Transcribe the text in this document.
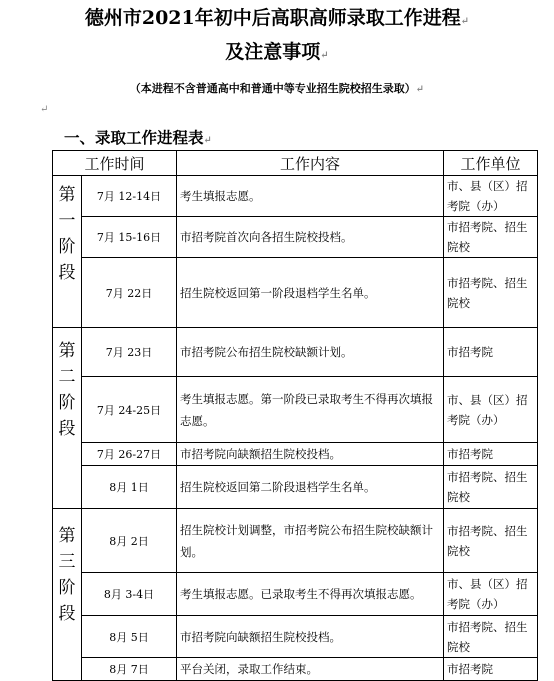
德州市2021年初中后高职高师录取工作进程↵
及注意事项↵
（本进程不含普通高中和普通中等专业招生院校招生录取）↵
↵
一、录取工作进程表↵
工作时间		工作内容	工作单位

第
一
阶
段	7月 12-14日	考生填报志愿。	市、县（区）招考院（办）
	7月 15-16日	市招考院首次向各招生院校投档。	市招考院、招生院校
	7月 22日	招生院校返回第一阶段退档学生名单。	市招考院、招生院校

第
二
阶
段	7月 23日	市招考院公布招生院校缺额计划。	市招考院
	7月 24-25日	考生填报志愿。第一阶段已录取考生不得再次填报志愿。	市、县（区）招考院（办）
	7月 26-27日	市招考院向缺额招生院校投档。	市招考院
	8月 1日	招生院校返回第二阶段退档学生名单。	市招考院、招生院校

第
三
阶
段	8月 2日	招生院校计划调整，市招考院公布招生院校缺额计划。	市招考院、招生院校
	8月 3-4日	考生填报志愿。已录取考生不得再次填报志愿。	市、县（区）招考院（办）
	8月 5日	市招考院向缺额招生院校投档。	市招考院、招生院校
	8月 7日	平台关闭，录取工作结束。	市招考院
